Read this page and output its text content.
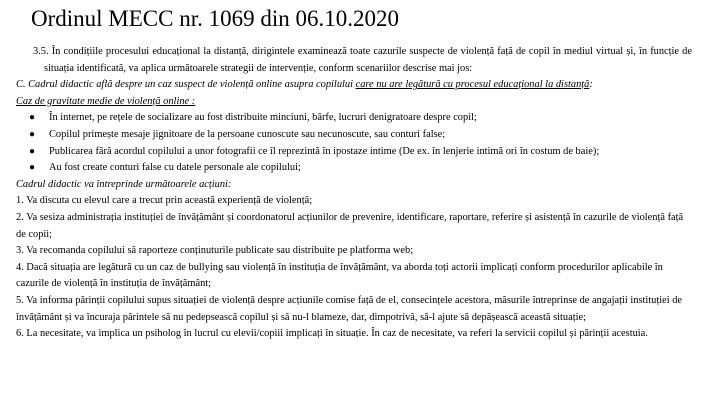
Ordinul MECC nr. 1069 din 06.10.2020

3.5. În condițiile procesului educațional la distanță, dirigintele examinează toate cazurile suspecte de violență față de copil în mediul virtual și, în funcție de situația identificată, va aplica următoarele strategii de intervenție, conform scenariilor descrise mai jos:

C. Cadrul didactic află despre un caz suspect de violență online asupra copilului care nu are legătură cu procesul educațional la distanță:

Caz de gravitate medie de violență online :

● În internet, pe rețele de socializare au fost distribuite minciuni, bârfe, lucruri denigratoare despre copil;
● Copilul primește mesaje jignitoare de la persoane cunoscute sau necunoscute, sau conturi false;
● Publicarea fără acordul copilului a unor fotografii ce îl reprezintă în ipostaze intime (De ex. în lenjerie intimă ori în costum de baie);
● Au fost create conturi false cu datele personale ale copilului;

Cadrul didactic va întreprinde următoarele acțiuni:

1. Va discuta cu elevul care a trecut prin această experiență de violență;

2. Va sesiza administrația instituției de învățământ și coordonatorul acțiunilor de prevenire, identificare, raportare, referire și asistență în cazurile de violență față de copii;

3. Va recomanda copilului să raporteze conținuturile publicate sau distribuite pe platforma web;

4. Dacă situația are legătură cu un caz de bullying sau violență în instituția de învățământ, va aborda toți actorii implicați conform procedurilor aplicabile în cazurile de violență în instituția de învățământ;

5. Va informa părinții copilului supus situației de violență despre acțiunile comise față de el, consecințele acestora, măsurile întreprinse de angajații instituției de învățământ și va încuraja părintele să nu pedepsească copilul și să nu-l blameze, dar, dimpotrivă, să-l ajute să depășească această situație;

6. La necesitate, va implica un psiholog în lucrul cu elevii/copiii implicați în situație. În caz de necesitate, va referi la servicii copilul și părinții acestuia.
